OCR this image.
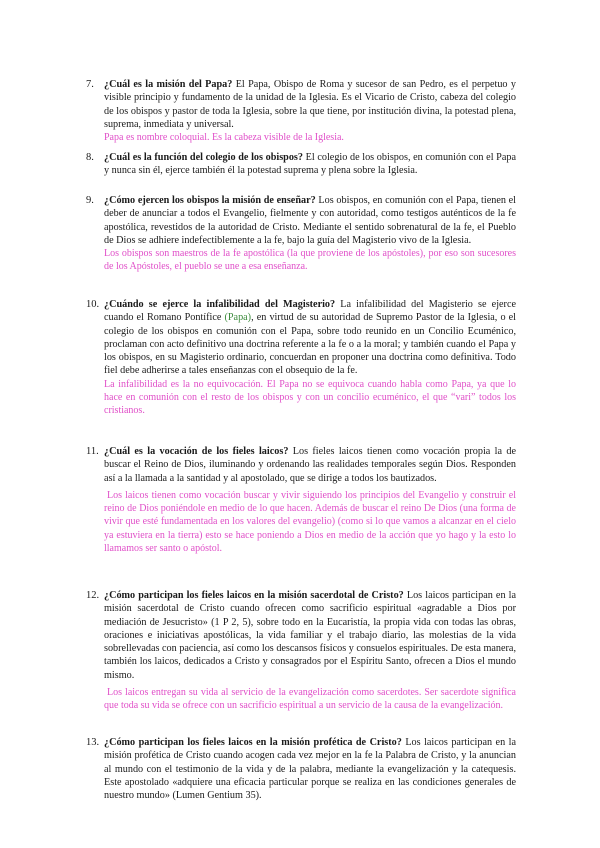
7. ¿Cuál es la misión del Papa? El Papa, Obispo de Roma y sucesor de san Pedro, es el perpetuo y visible principio y fundamento de la unidad de la Iglesia. Es el Vicario de Cristo, cabeza del colegio de los obispos y pastor de toda la Iglesia, sobre la que tiene, por institución divina, la potestad plena, suprema, inmediata y universal.

Papa es nombre coloquial. Es la cabeza visible de la Iglesia.

8. ¿Cuál es la función del colegio de los obispos? El colegio de los obispos, en comunión con el Papa y nunca sin él, ejerce también él la potestad suprema y plena sobre la Iglesia.

9. ¿Cómo ejercen los obispos la misión de enseñar? Los obispos, en comunión con el Papa, tienen el deber de anunciar a todos el Evangelio, fielmente y con autoridad, como testigos auténticos de la fe apostólica, revestidos de la autoridad de Cristo. Mediante el sentido sobrenatural de la fe, el Pueblo de Dios se adhiere indefectiblemente a la fe, bajo la guía del Magisterio vivo de la Iglesia.

Los obispos son maestros de la fe apostólica (la que proviene de los apóstoles), por eso son sucesores de los Apóstoles, el pueblo se une a esa enseñanza.

10. ¿Cuándo se ejerce la infalibilidad del Magisterio? La infalibilidad del Magisterio se ejerce cuando el Romano Pontífice (Papa), en virtud de su autoridad de Supremo Pastor de la Iglesia, o el colegio de los obispos en comunión con el Papa, sobre todo reunido en un Concilio Ecuménico, proclaman con acto definitivo una doctrina referente a la fe o a la moral; y también cuando el Papa y los obispos, en su Magisterio ordinario, concuerdan en proponer una doctrina como definitiva. Todo fiel debe adherirse a tales enseñanzas con el obsequio de la fe.

La infalibilidad es la no equivocación. El Papa no se equivoca cuando habla como Papa, ya que lo hace en comunión con el resto de los obispos y con un concilio ecuménico, el que “vari” todos los cristianos.

11. ¿Cuál es la vocación de los fieles laicos? Los fieles laicos tienen como vocación propia la de buscar el Reino de Dios, iluminando y ordenando las realidades temporales según Dios. Responden así a la llamada a la santidad y al apostolado, que se dirige a todos los bautizados.

Los laicos tienen como vocación buscar y vivir siguiendo los principios del Evangelio y construir el reino de Dios poniéndole en medio de lo que hacen. Además de buscar el reino De Dios (una forma de vivir que esté fundamentada en los valores del evangelio) (como si lo que vamos a alcanzar en el cielo ya estuviera en la tierra) esto se hace poniendo a Dios en medio de la acción que yo hago y la esto lo llamamos ser santo o apóstol.

12. ¿Cómo participan los fieles laicos en la misión sacerdotal de Cristo? Los laicos participan en la misión sacerdotal de Cristo cuando ofrecen como sacrificio espiritual «agradable a Dios por mediación de Jesucristo» (1 P 2, 5), sobre todo en la Eucaristía, la propia vida con todas las obras, oraciones e iniciativas apostólicas, la vida familiar y el trabajo diario, las molestias de la vida sobrellevadas con paciencia, así como los descansos físicos y consuelos espirituales. De esta manera, también los laicos, dedicados a Cristo y consagrados por el Espíritu Santo, ofrecen a Dios el mundo mismo.

Los laicos entregan su vida al servicio de la evangelización como sacerdotes. Ser sacerdote significa que toda su vida se ofrece con un sacrificio espiritual a un servicio de la causa de la evangelización.

13. ¿Cómo participan los fieles laicos en la misión profética de Cristo? Los laicos participan en la misión profética de Cristo cuando acogen cada vez mejor en la fe la Palabra de Cristo, y la anuncian al mundo con el testimonio de la vida y de la palabra, mediante la evangelización y la catequesis. Este apostolado «adquiere una eficacia particular porque se realiza en las condiciones generales de nuestro mundo» (Lumen Gentium 35).
